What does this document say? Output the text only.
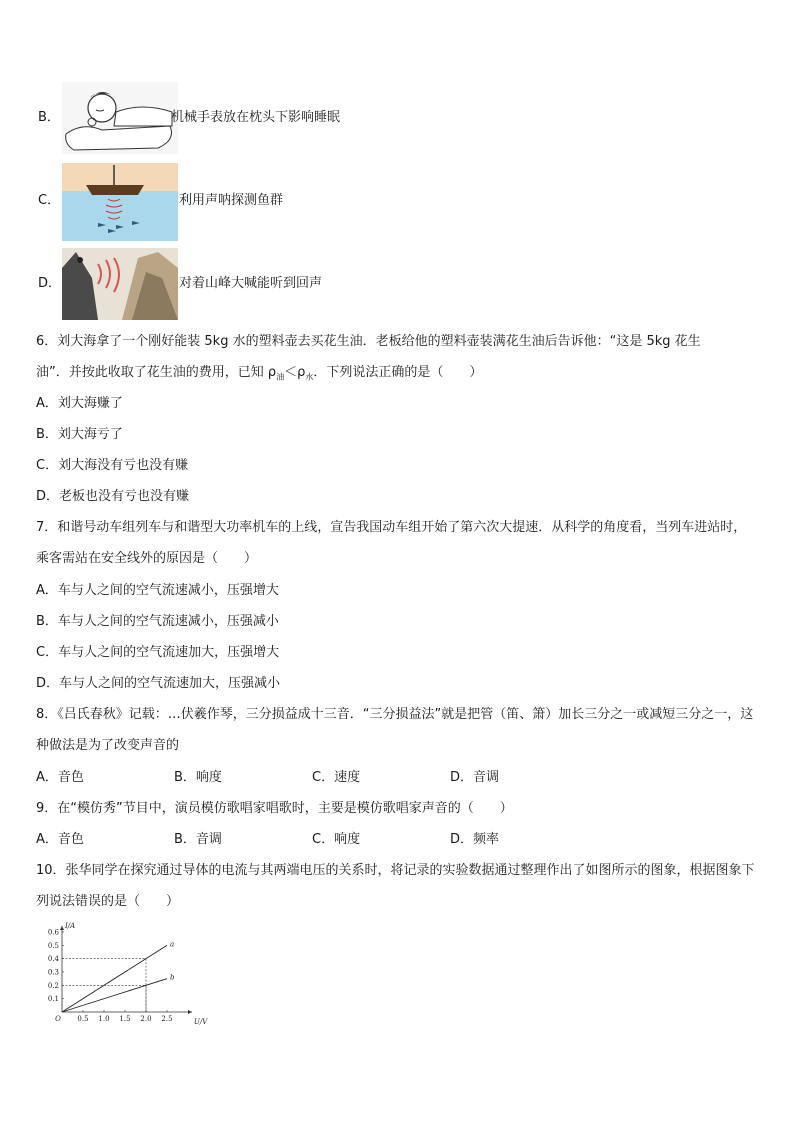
B．	机械手表放在枕头下影响睡眠
C．	利用声呐探测鱼群
D．	对着山峰大喊能听到回声
6．刘大海拿了一个刚好能装 5kg 水的塑料壶去买花生油．老板给他的塑料壶装满花生油后告诉他：“这是 5kg 花生
油”．并按此收取了花生油的费用，已知 $\rho_油<\rho_水$．下列说法正确的是（　　）
A．刘大海赚了
B．刘大海亏了
C．刘大海没有亏也没有赚
D．老板也没有亏也没有赚
7．和谐号动车组列车与和谐型大功率机车的上线，宣告我国动车组开始了第六次大提速．从科学的角度看，当列车进站时，乘客需站在安全线外的原因是（　　）
A．车与人之间的空气流速减小，压强增大
B．车与人之间的空气流速减小，压强减小
C．车与人之间的空气流速加大，压强增大
D．车与人之间的空气流速加大，压强减小
8．《吕氏春秋》记载：…伏羲作琴，三分损益成十三音．“三分损益法”就是把管（笛、箫）加长三分之一或减短三分之一，这种做法是为了改变声音的
A．音色	B．响度	C．速度	D．音调
9．在“模仿秀”节目中，演员模仿歌唱家唱歌时，主要是模仿歌唱家声音的（　　）
A．音色	B．音调	C．响度	D．频率
10．张华同学在探究通过导体的电流与其两端电压的关系时，将记录的实验数据通过整理作出了如图所示的图象，根据图象下列说法错误的是（　　）
0.5 1.0 1.5 2.0 2.5
0.1
0.2
0.3
0.4
0.5
0.6
a
b
O	U/V
I/A
